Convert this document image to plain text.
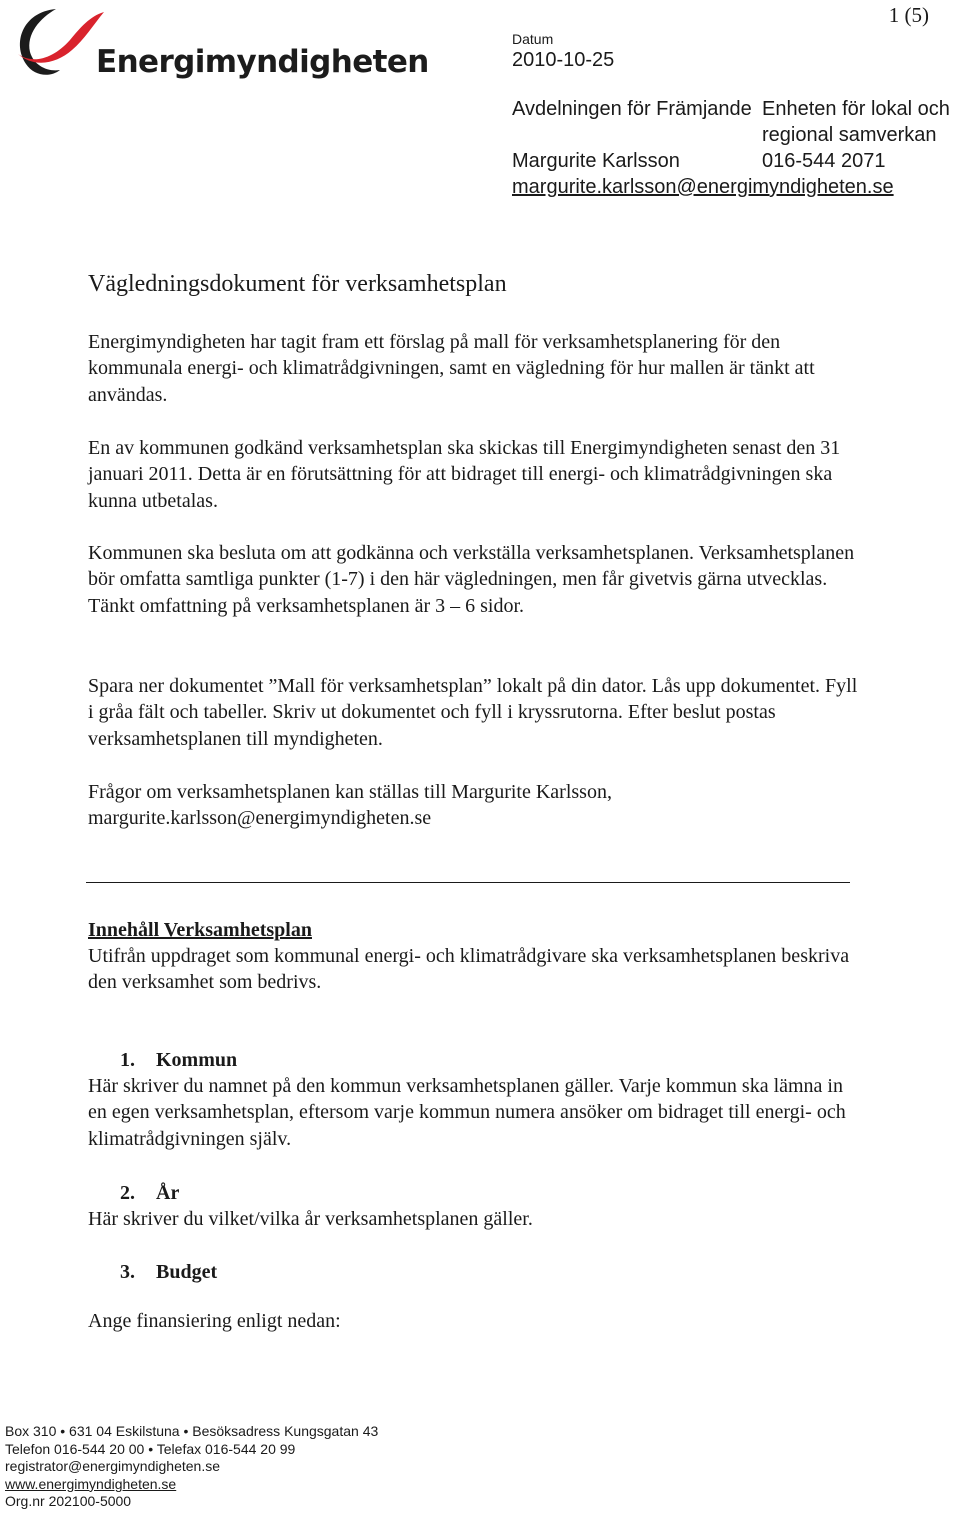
Energimyndigheten
1 (5)
Datum
2010-10-25
Avdelningen för Främjande Enheten för lokal och regional samverkan
Margurite Karlsson	016-544 2071
margurite.karlsson@energimyndigheten.se
Vägledningsdokument för verksamhetsplan

Energimyndigheten har tagit fram ett förslag på mall för verksamhetsplanering för den kommunala energi- och klimatrådgivningen, samt en vägledning för hur mallen är tänkt att användas.

En av kommunen godkänd verksamhetsplan ska skickas till Energimyndigheten senast den 31 januari 2011. Detta är en förutsättning för att bidraget till energi- och klimatrådgivningen ska kunna utbetalas.

Kommunen ska besluta om att godkänna och verkställa verksamhetsplanen. Verksamhetsplanen bör omfatta samtliga punkter (1-7) i den här vägledningen, men får givetvis gärna utvecklas. Tänkt omfattning på verksamhetsplanen är 3 – 6 sidor.

Spara ner dokumentet ”Mall för verksamhetsplan” lokalt på din dator. Lås upp dokumentet. Fyll i gråa fält och tabeller. Skriv ut dokumentet och fyll i kryssrutorna. Efter beslut postas verksamhetsplanen till myndigheten.

Frågor om verksamhetsplanen kan ställas till Margurite Karlsson, margurite.karlsson@energimyndigheten.se

Innehåll Verksamhetsplan
Utifrån uppdraget som kommunal energi- och klimatrådgivare ska verksamhetsplanen beskriva den verksamhet som bedrivs.
1. Kommun
Här skriver du namnet på den kommun verksamhetsplanen gäller. Varje kommun ska lämna in en egen verksamhetsplan, eftersom varje kommun numera ansöker om bidraget till energi- och klimatrådgivningen själv.
2. År
Här skriver du vilket/vilka år verksamhetsplanen gäller.
3. Budget
Ange finansiering enligt nedan:
Box 310 • 631 04 Eskilstuna • Besöksadress Kungsgatan 43
Telefon 016-544 20 00 • Telefax 016-544 20 99
registrator@energimyndigheten.se
www.energimyndigheten.se
Org.nr 202100-5000
